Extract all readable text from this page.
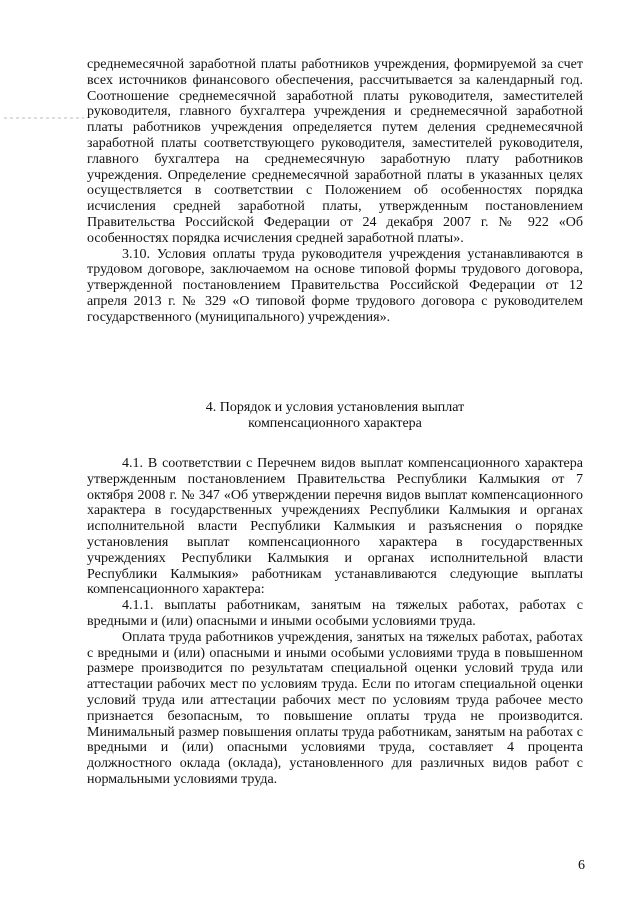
среднемесячной заработной платы работников учреждения, формируемой за счет всех источников финансового обеспечения, рассчитывается за календарный год. Соотношение среднемесячной заработной платы руководителя, заместителей руководителя, главного бухгалтера учреждения и среднемесячной заработной платы работников учреждения определяется путем деления среднемесячной заработной платы соответствующего руководителя, заместителей руководителя, главного бухгалтера на среднемесячную заработную плату работников учреждения. Определение среднемесячной заработной платы в указанных целях осуществляется в соответствии с Положением об особенностях порядка исчисления средней заработной платы, утвержденным постановлением Правительства Российской Федерации от 24 декабря 2007 г. № 922 «Об особенностях порядка исчисления средней заработной платы».

3.10. Условия оплаты труда руководителя учреждения устанавливаются в трудовом договоре, заключаемом на основе типовой формы трудового договора, утвержденной постановлением Правительства Российской Федерации от 12 апреля 2013 г. № 329 «О типовой форме трудового договора с руководителем государственного (муниципального) учреждения».

4. Порядок и условия установления выплат
компенсационного характера

4.1. В соответствии с Перечнем видов выплат компенсационного характера утвержденным постановлением Правительства Республики Калмыкия от 7 октября 2008 г. № 347 «Об утверждении перечня видов выплат компенсационного характера в государственных учреждениях Республики Калмыкия и органах исполнительной власти Республики Калмыкия и разъяснения о порядке установления выплат компенсационного характера в государственных учреждениях Республики Калмыкия и органах исполнительной власти Республики Калмыкия» работникам устанавливаются следующие выплаты компенсационного характера:

4.1.1. выплаты работникам, занятым на тяжелых работах, работах с вредными и (или) опасными и иными особыми условиями труда.

Оплата труда работников учреждения, занятых на тяжелых работах, работах с вредными и (или) опасными и иными особыми условиями труда в повышенном размере производится по результатам специальной оценки условий труда или аттестации рабочих мест по условиям труда. Если по итогам специальной оценки условий труда или аттестации рабочих мест по условиям труда рабочее место признается безопасным, то повышение оплаты труда не производится. Минимальный размер повышения оплаты труда работникам, занятым на работах с вредными и (или) опасными условиями труда, составляет 4 процента должностного оклада (оклада), установленного для различных видов работ с нормальными условиями труда.

6
